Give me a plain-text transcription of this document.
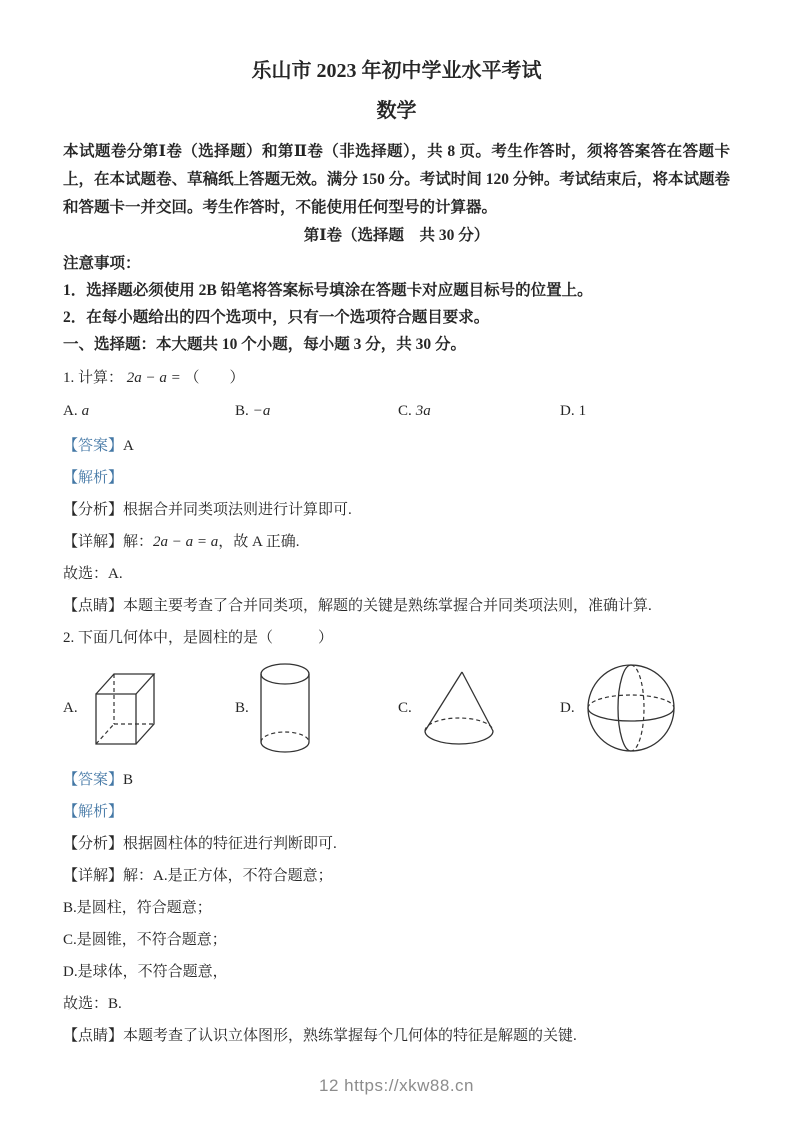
乐山市 2023 年初中学业水平考试
数学

本试题卷分第Ⅰ卷（选择题）和第Ⅱ卷（非选择题），共 8 页。考生作答时，须将答案答在答题卡上，在本试题卷、草稿纸上答题无效。满分 150 分。考试时间 120 分钟。考试结束后，将本试题卷和答题卡一并交回。考生作答时，不能使用任何型号的计算器。

第Ⅰ卷（选择题　共 30 分）

注意事项：

1．选择题必须使用 2B 铅笔将答案标号填涂在答题卡对应题目标号的位置上。

2．在每小题给出的四个选项中，只有一个选项符合题目要求。

一、选择题：本大题共 10 个小题，每小题 3 分，共 30 分。

1. 计算： 2a − a = （　　）

A. a	B. −a	C. 3a	D. 1

【答案】A

【解析】

【分析】根据合并同类项法则进行计算即可.

【详解】解：2a − a = a，故 A 正确.

故选：A.

【点睛】本题主要考查了合并同类项，解题的关键是熟练掌握合并同类项法则，准确计算.

2. 下面几何体中，是圆柱的是（　　　）

A.	B.	C.	D.

【答案】B

【解析】

【分析】根据圆柱体的特征进行判断即可.

【详解】解：A.是正方体，不符合题意；

B.是圆柱，符合题意；

C.是圆锥，不符合题意；

D.是球体，不符合题意，

故选：B.

【点睛】本题考查了认识立体图形，熟练掌握每个几何体的特征是解题的关键.

12 https://xkw88.cn
